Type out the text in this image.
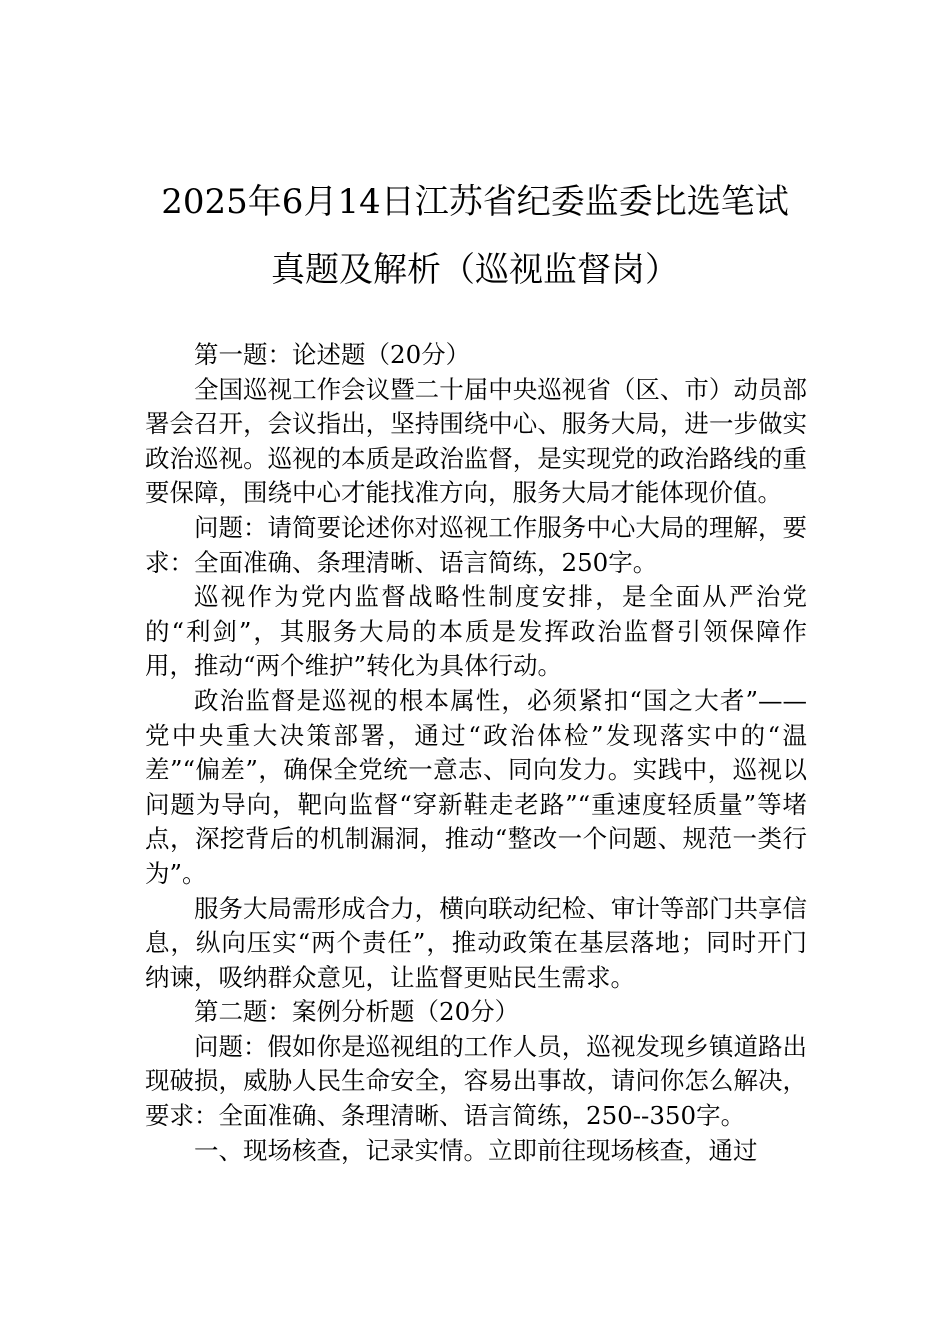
2025年6月14日江苏省纪委监委比选笔试
真题及解析（巡视监督岗）

第一题：论述题（20分）

全国巡视工作会议暨二十届中央巡视省（区、市）动员部署会召开，会议指出，坚持围绕中心、服务大局，进一步做实政治巡视。巡视的本质是政治监督，是实现党的政治路线的重要保障，围绕中心才能找准方向，服务大局才能体现价值。

问题：请简要论述你对巡视工作服务中心大局的理解，要求：全面准确、条理清晰、语言简练，250字。

巡视作为党内监督战略性制度安排，是全面从严治党的“利剑”，其服务大局的本质是发挥政治监督引领保障作用，推动“两个维护”转化为具体行动。

政治监督是巡视的根本属性，必须紧扣“国之大者”——党中央重大决策部署，通过“政治体检”发现落实中的“温差”“偏差”，确保全党统一意志、同向发力。实践中，巡视以问题为导向，靶向监督“穿新鞋走老路”“重速度轻质量”等堵点，深挖背后的机制漏洞，推动“整改一个问题、规范一类行为”。

服务大局需形成合力，横向联动纪检、审计等部门共享信息，纵向压实“两个责任”，推动政策在基层落地；同时开门纳谏，吸纳群众意见，让监督更贴民生需求。

第二题：案例分析题（20分）

问题：假如你是巡视组的工作人员，巡视发现乡镇道路出现破损，威胁人民生命安全，容易出事故，请问你怎么解决，要求：全面准确、条理清晰、语言简练，250--350字。

一、现场核查，记录实情。立即前往现场核查，通过
